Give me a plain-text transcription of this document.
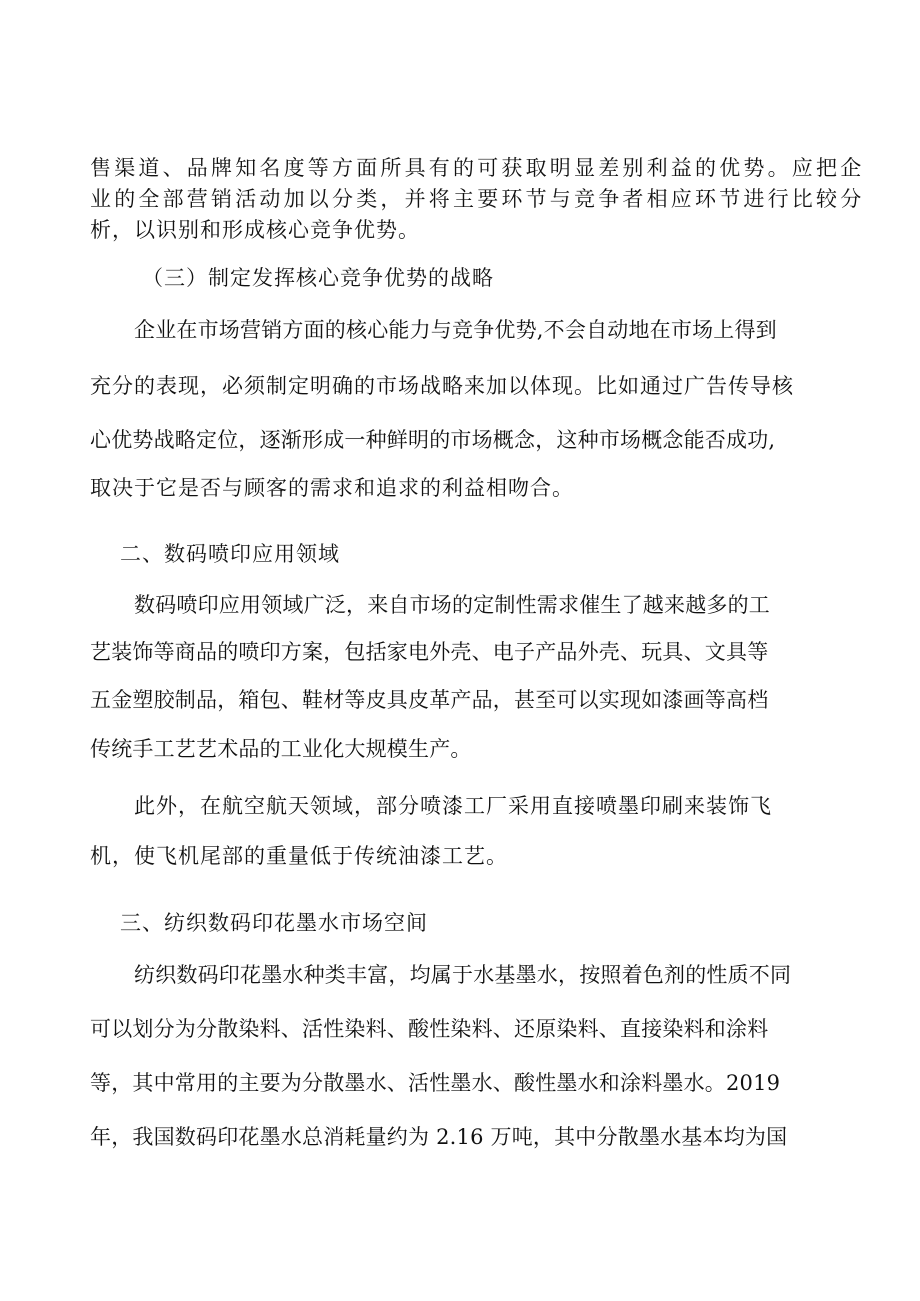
售渠道、品牌知名度等方面所具有的可获取明显差别利益的优势。应把企
业的全部营销活动加以分类，并将主要环节与竞争者相应环节进行比较分
析，以识别和形成核心竞争优势。
（三）制定发挥核心竞争优势的战略
企业在市场营销方面的核心能力与竞争优势,不会自动地在市场上得到
充分的表现，必须制定明确的市场战略来加以体现。比如通过广告传导核
心优势战略定位，逐渐形成一种鲜明的市场概念，这种市场概念能否成功,
取决于它是否与顾客的需求和追求的利益相吻合。
二、数码喷印应用领域
数码喷印应用领域广泛，来自市场的定制性需求催生了越来越多的工
艺装饰等商品的喷印方案，包括家电外壳、电子产品外壳、玩具、文具等
五金塑胶制品，箱包、鞋材等皮具皮革产品，甚至可以实现如漆画等高档
传统手工艺艺术品的工业化大规模生产。
此外，在航空航天领域，部分喷漆工厂采用直接喷墨印刷来装饰飞
机，使飞机尾部的重量低于传统油漆工艺。
三、纺织数码印花墨水市场空间
纺织数码印花墨水种类丰富，均属于水基墨水，按照着色剂的性质不同
可以划分为分散染料、活性染料、酸性染料、还原染料、直接染料和涂料
等，其中常用的主要为分散墨水、活性墨水、酸性墨水和涂料墨水。2019
年，我国数码印花墨水总消耗量约为 2.16 万吨，其中分散墨水基本均为国
